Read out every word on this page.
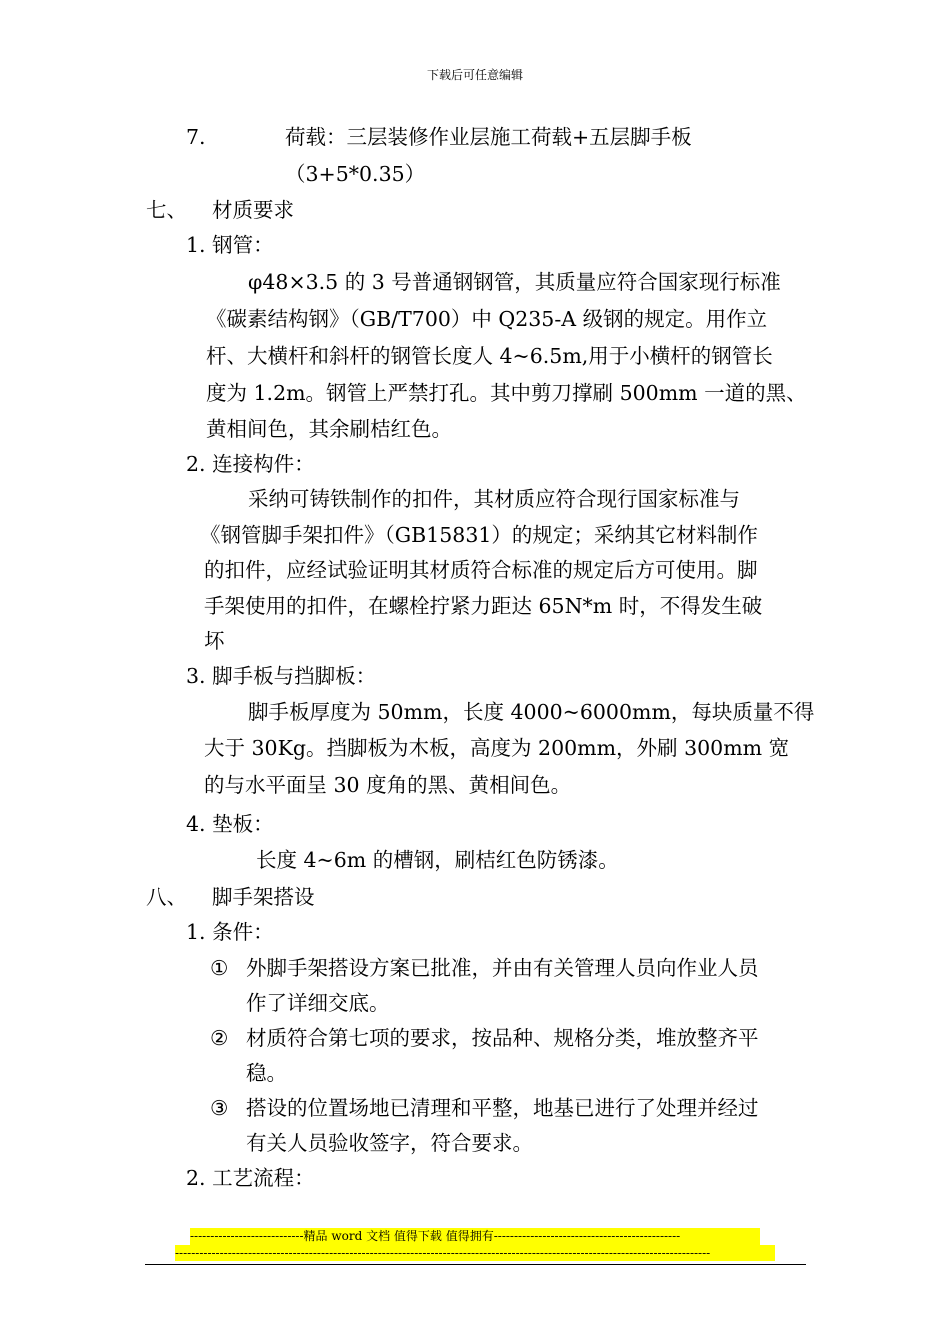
下载后可任意编辑
7.	荷载：三层装修作业层施工荷载+五层脚手板
（3+5*0.35）
七、 材质要求
1. 钢管：
φ48×3.5 的 3 号普通钢钢管，其质量应符合国家现行标准
《碳素结构钢》（GB/T700）中 Q235-A 级钢的规定。用作立
杆、大横杆和斜杆的钢管长度人 4~6.5m,用于小横杆的钢管长
度为 1.2m。钢管上严禁打孔。其中剪刀撑刷 500mm 一道的黑、
黄相间色，其余刷桔红色。
2. 连接构件：
采纳可铸铁制作的扣件，其材质应符合现行国家标准与
《钢管脚手架扣件》（GB15831）的规定；采纳其它材料制作
的扣件，应经试验证明其材质符合标准的规定后方可使用。脚
手架使用的扣件，在螺栓拧紧力距达 65N*m 时，不得发生破
坏
3. 脚手板与挡脚板：
脚手板厚度为 50mm，长度 4000~6000mm，每块质量不得
大于 30Kg。挡脚板为木板，高度为 200mm，外刷 300mm 宽
的与水平面呈 30 度角的黑、黄相间色。
4. 垫板：
长度 4~6m 的槽钢，刷桔红色防锈漆。
八、 脚手架搭设
1. 条件：
① 外脚手架搭设方案已批准，并由有关管理人员向作业人员
作了详细交底。
② 材质符合第七项的要求，按品种、规格分类，堆放整齐平
稳。
③ 搭设的位置场地已清理和平整，地基已进行了处理并经过
有关人员验收签字，符合要求。
2. 工艺流程：
----------------------------精品 word 文档 值得下载 值得拥有----------------------------------------------
------------------------------------------------------------------------------------------------------------------------------------
